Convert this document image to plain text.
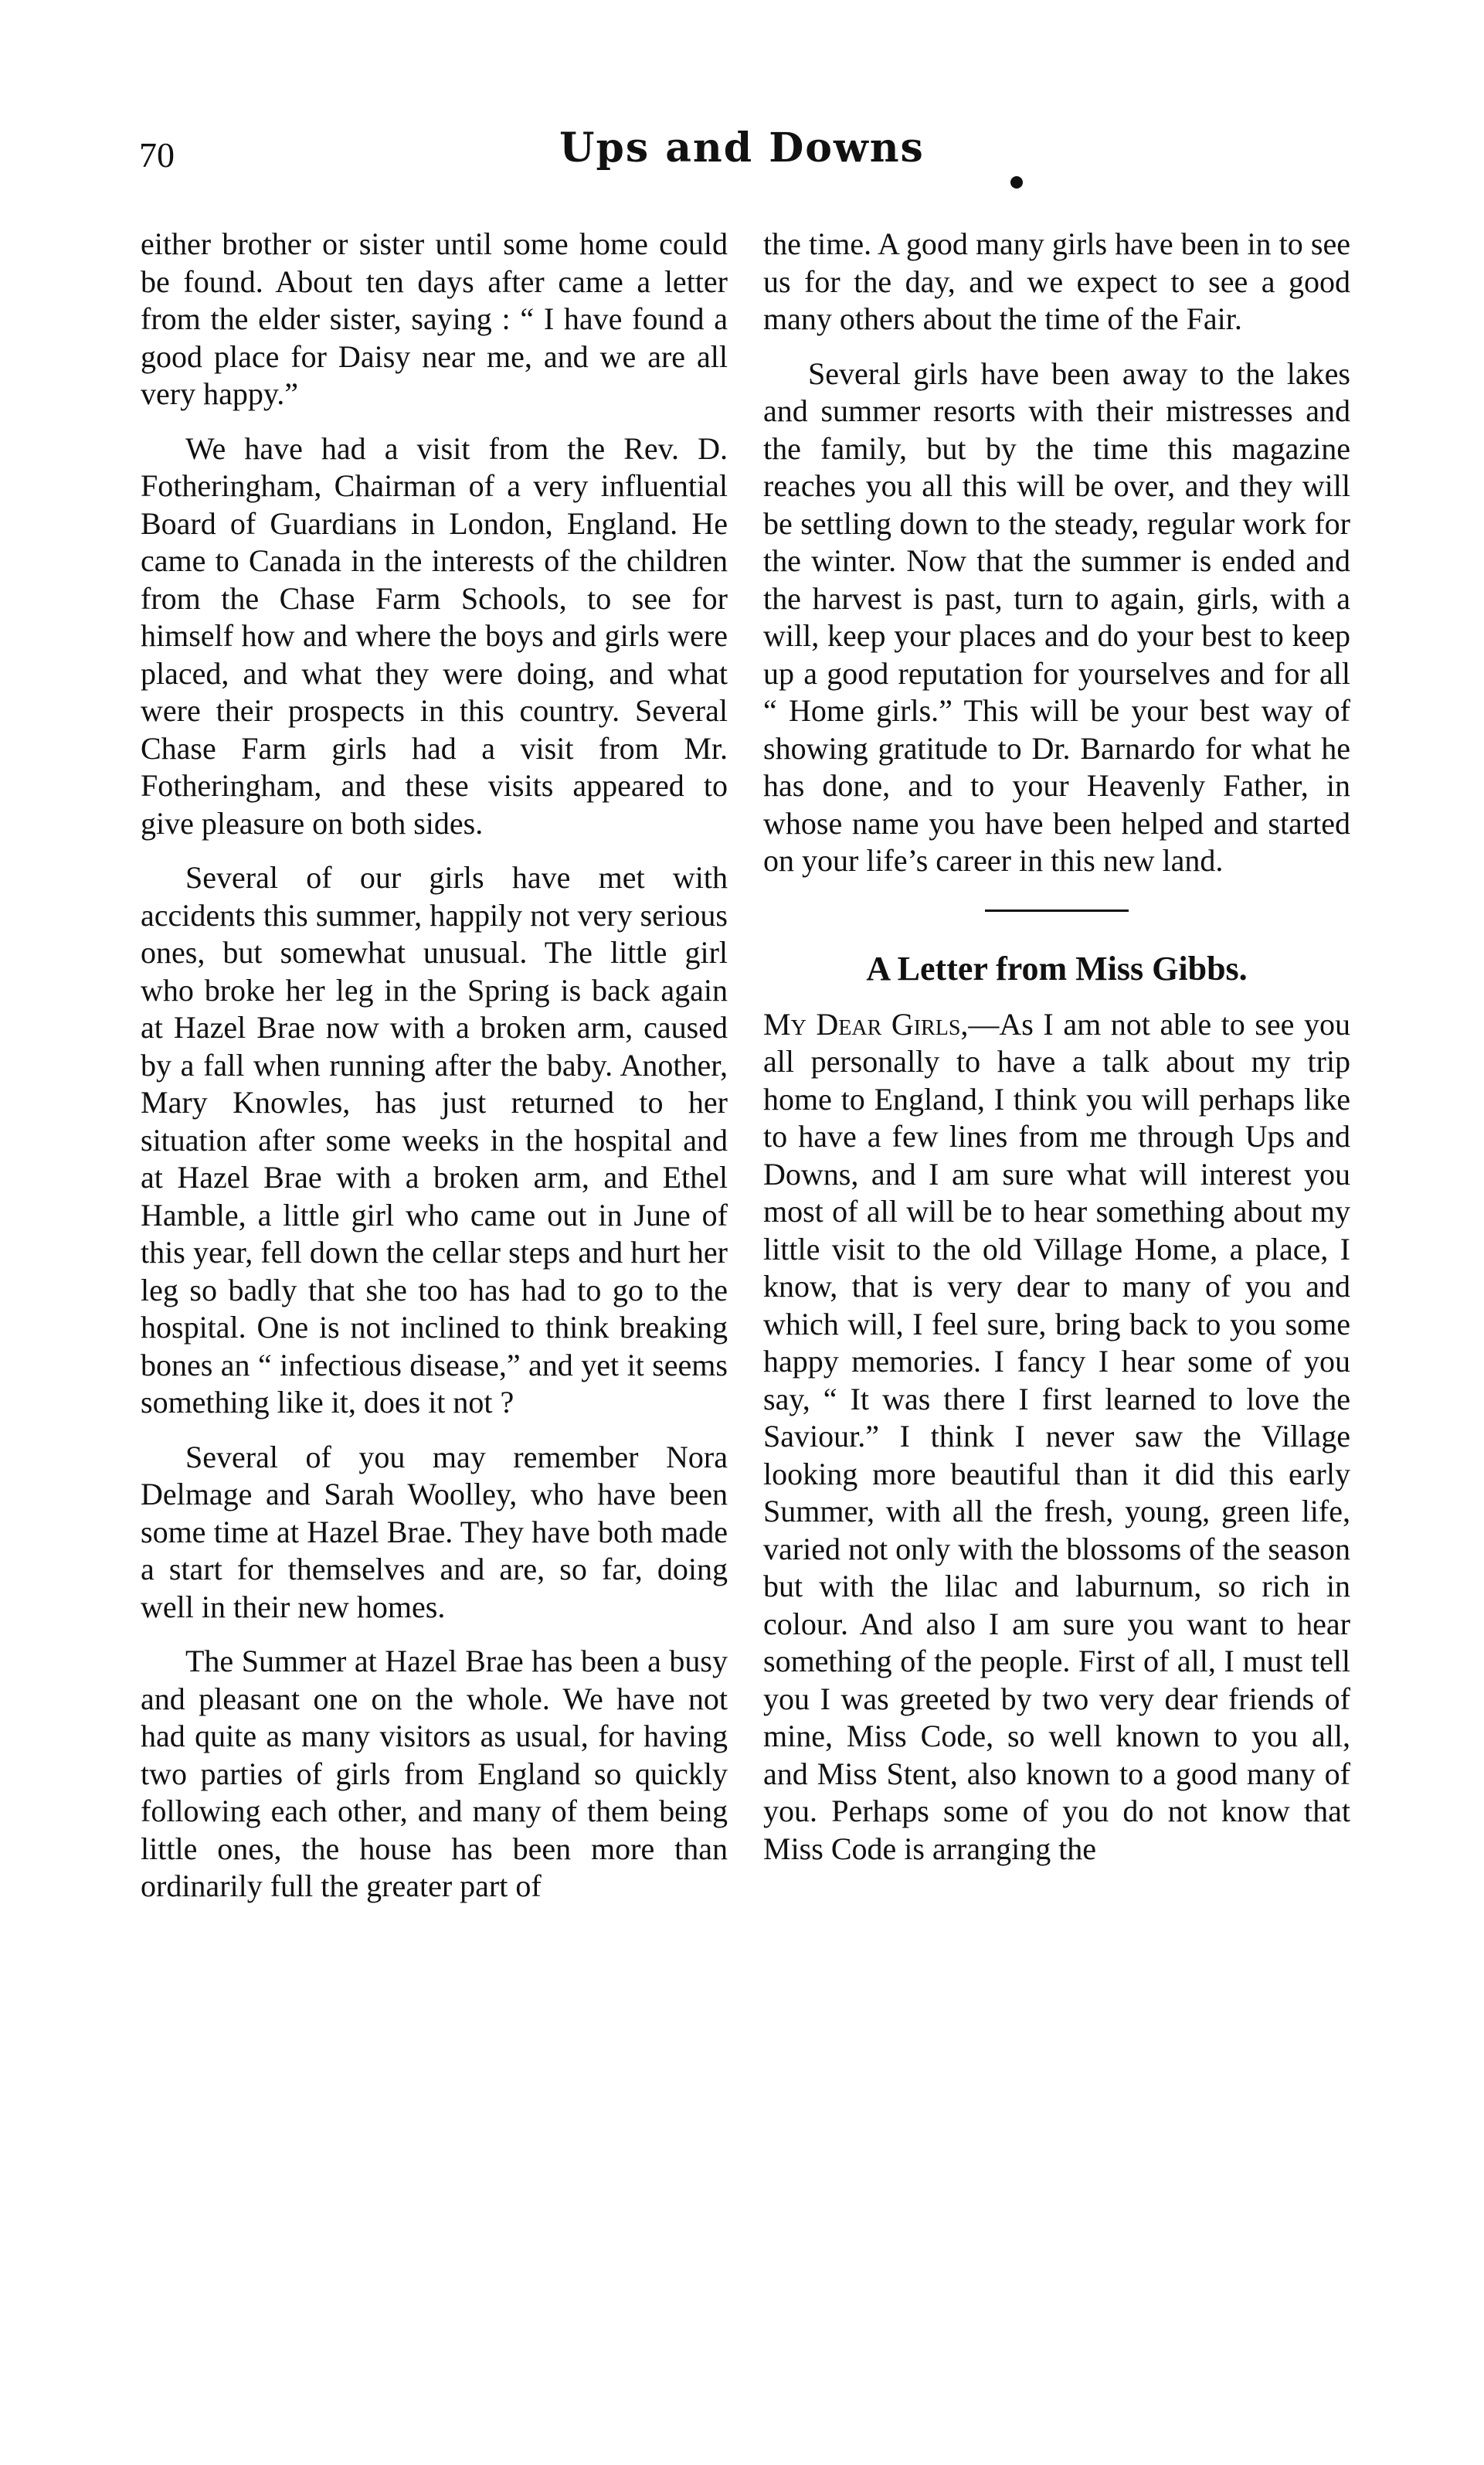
70	Ups and Downs

either brother or sister until some home could be found. About ten days after came a letter from the elder sister, saying : “ I have found a good place for Daisy near me, and we are all very happy.”

We have had a visit from the Rev. D. Fotheringham, Chairman of a very influential Board of Guardians in London, England. He came to Canada in the interests of the children from the Chase Farm Schools, to see for himself how and where the boys and girls were placed, and what they were doing, and what were their prospects in this country. Several Chase Farm girls had a visit from Mr. Fotheringham, and these visits appeared to give pleasure on both sides.

Several of our girls have met with accidents this summer, happily not very serious ones, but somewhat unusual. The little girl who broke her leg in the Spring is back again at Hazel Brae now with a broken arm, caused by a fall when running after the baby. Another, Mary Knowles, has just returned to her situation after some weeks in the hospital and at Hazel Brae with a broken arm, and Ethel Hamble, a little girl who came out in June of this year, fell down the cellar steps and hurt her leg so badly that she too has had to go to the hospital. One is not inclined to think breaking bones an “ infectious disease,” and yet it seems something like it, does it not ?

Several of you may remember Nora Delmage and Sarah Woolley, who have been some time at Hazel Brae. They have both made a start for themselves and are, so far, doing well in their new homes.

The Summer at Hazel Brae has been a busy and pleasant one on the whole. We have not had quite as many visitors as usual, for having two parties of girls from England so quickly following each other, and many of them being little ones, the house has been more than ordinarily full the greater part of

the time. A good many girls have been in to see us for the day, and we expect to see a good many others about the time of the Fair.

Several girls have been away to the lakes and summer resorts with their mistresses and the family, but by the time this magazine reaches you all this will be over, and they will be settling down to the steady, regular work for the winter. Now that the summer is ended and the harvest is past, turn to again, girls, with a will, keep your places and do your best to keep up a good reputation for yourselves and for all “ Home girls.” This will be your best way of showing gratitude to Dr. Barnardo for what he has done, and to your Heavenly Father, in whose name you have been helped and started on your life’s career in this new land.

A Letter from Miss Gibbs.

My Dear Girls,—As I am not able to see you all personally to have a talk about my trip home to England, I think you will perhaps like to have a few lines from me through Ups and Downs, and I am sure what will interest you most of all will be to hear something about my little visit to the old Village Home, a place, I know, that is very dear to many of you and which will, I feel sure, bring back to you some happy memories. I fancy I hear some of you say, “ It was there I first learned to love the Saviour.” I think I never saw the Village looking more beautiful than it did this early Summer, with all the fresh, young, green life, varied not only with the blossoms of the season but with the lilac and laburnum, so rich in colour. And also I am sure you want to hear something of the people. First of all, I must tell you I was greeted by two very dear friends of mine, Miss Code, so well known to you all, and Miss Stent, also known to a good many of you. Perhaps some of you do not know that Miss Code is arranging the
